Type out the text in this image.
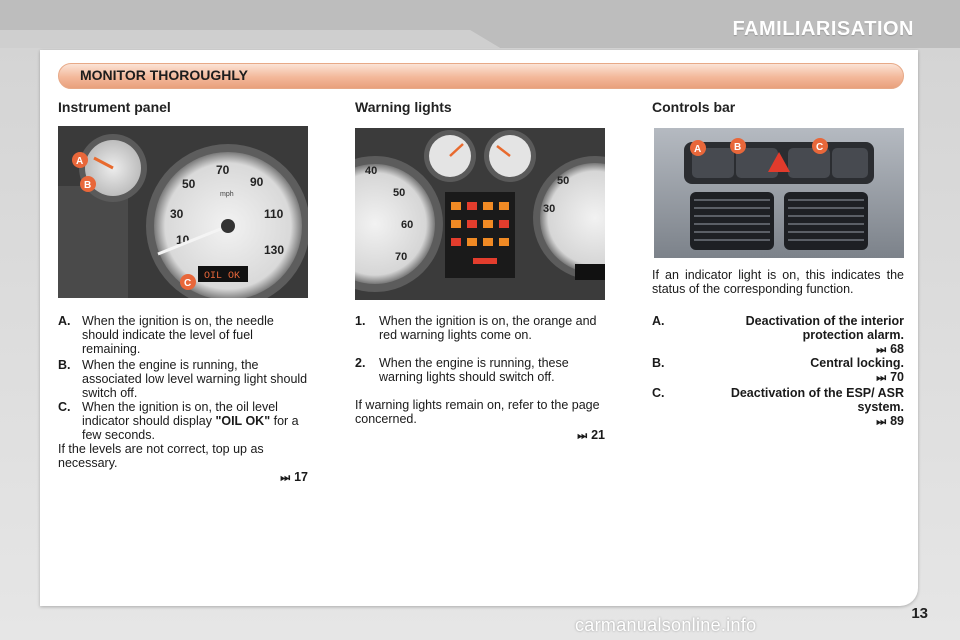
FAMILIARISATION
MONITOR THOROUGHLY
Instrument panel
10
30
50
70
90
110
130
mph
OIL OK
A
B
C
A. When the ignition is on, the needle should indicate the level of fuel remaining.
B. When the engine is running, the associated low level warning light should switch off.
C. When the ignition is on, the oil level indicator should display "OIL OK" for a few seconds.
If the levels are not correct, top up as necessary.
⏭ 17
Warning lights
40
50
60
70
30
50
1.	When the ignition is on, the orange and red warning lights come on.
2.	When the engine is running, these warning lights should switch off.
If warning lights remain on, refer to the page concerned.
⏭ 21
Controls bar
A	B	C
If an indicator light is on, this indicates the status of the corresponding function.
A.	Deactivation of the interior protection alarm.
⏭ 68
B.	Central locking.
⏭ 70
C.	Deactivation of the ESP/ ASR system.
⏭ 89
13
carmanualsonline.info
